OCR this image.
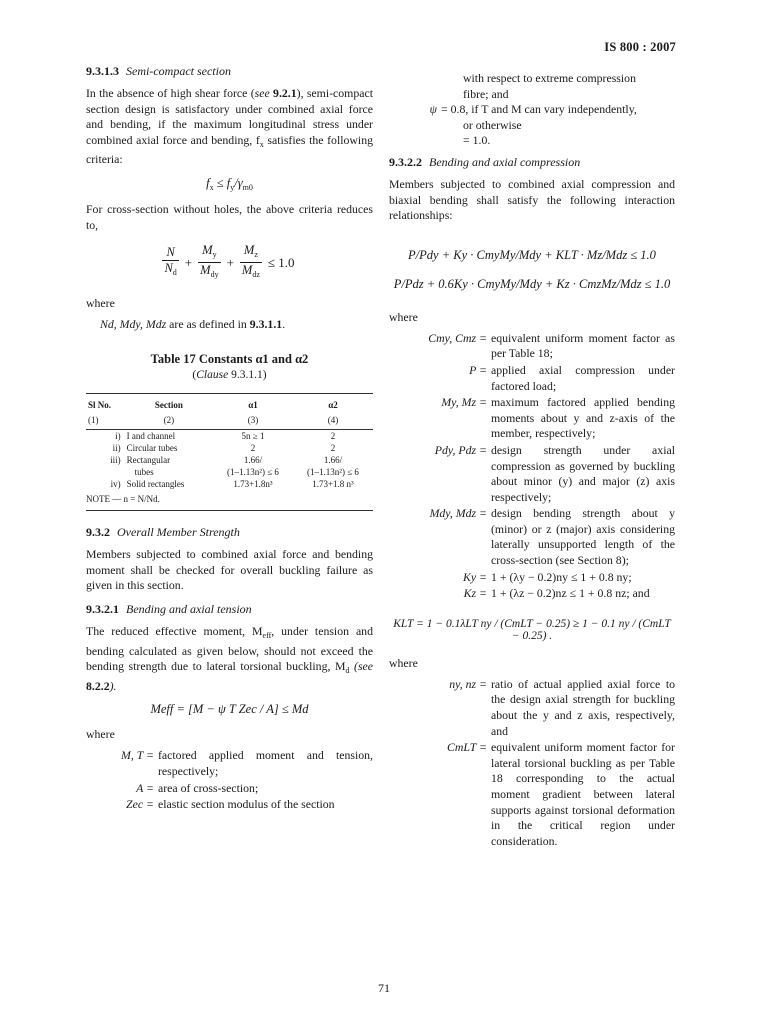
IS 800 : 2007
9.3.1.3 Semi-compact section

In the absence of high shear force (see 9.2.1), semi-compact section design is satisfactory under combined axial force and bending, if the maximum longitudinal stress under combined axial force and bending, $f_x$ satisfies the following criteria:

$f_x \le f_y/\gamma_{m0}$

For cross-section without holes, the above criteria reduces to,

$\frac{N}{N_d} + \frac{M_y}{M_{dy}} + \frac{M_z}{M_{dz}} \le 1.0$

where

Nd, Mdy, Mdz are as defined in 9.3.1.1.

Table 17 Constants α1 and α2
(Clause 9.3.1.1)
Sl No.	Section	α1	α2
(1)	(2)	(3)	(4)
i)	I and channel	5n ≥ 1	2
ii)	Circular tubes	2	2
iii)	Rectangular	1.66/	1.66/
	tubes	(1–1.13n²) ≤ 6	(1–1.13n²) ≤ 6
iv)	Solid rectangles	1.73+1.8n³	1.73+1.8 n³
NOTE — n = N/Nd.
9.3.2 Overall Member Strength

Members subjected to combined axial force and bending moment shall be checked for overall buckling failure as given in this section.

9.3.2.1 Bending and axial tension

The reduced effective moment, $M_{eff}$, under tension and bending calculated as given below, should not exceed the bending strength due to lateral torsional buckling, $M_d$ (see 8.2.2).

Meff = [M − ψ T Zec / A] ≤ Md

where

M, T = factored applied moment and tension, respectively;
A = area of cross-section;
Zec = elastic section modulus of the section

with respect to extreme compression

fibre; and

ψ = 0.8, if T and M can vary independently,

or otherwise

= 1.0.

9.3.2.2 Bending and axial compression

Members subjected to combined axial compression and biaxial bending shall satisfy the following interaction relationships:

P/Pdy + Ky · CmyMy/Mdy + KLT · Mz/Mdz ≤ 1.0
P/Pdz + 0.6Ky · CmyMy/Mdy + Kz · CmzMz/Mdz ≤ 1.0

where

Cmy, Cmz = equivalent uniform moment factor as per Table 18;
P = applied axial compression under factored load;
My, Mz = maximum factored applied bending moments about y and z-axis of the member, respectively;
Pdy, Pdz = design strength under axial compression as governed by buckling about minor (y) and major (z) axis respectively;
Mdy, Mdz = design bending strength about y (minor) or z (major) axis considering laterally unsupported length of the cross-section (see Section 8);
Ky = 1 + (λy − 0.2)ny ≤ 1 + 0.8 ny;
Kz = 1 + (λz − 0.2)nz ≤ 1 + 0.8 nz; and
KLT = 1 − 0.1λLT ny / (CmLT − 0.25) ≥ 1 − 0.1 ny / (CmLT − 0.25) .

where

ny, nz = ratio of actual applied axial force to the design axial strength for buckling about the y and z axis, respectively, and
CmLT = equivalent uniform moment factor for lateral torsional buckling as per Table 18 corresponding to the actual moment gradient between lateral supports against torsional deformation in the critical region under consideration.
71
